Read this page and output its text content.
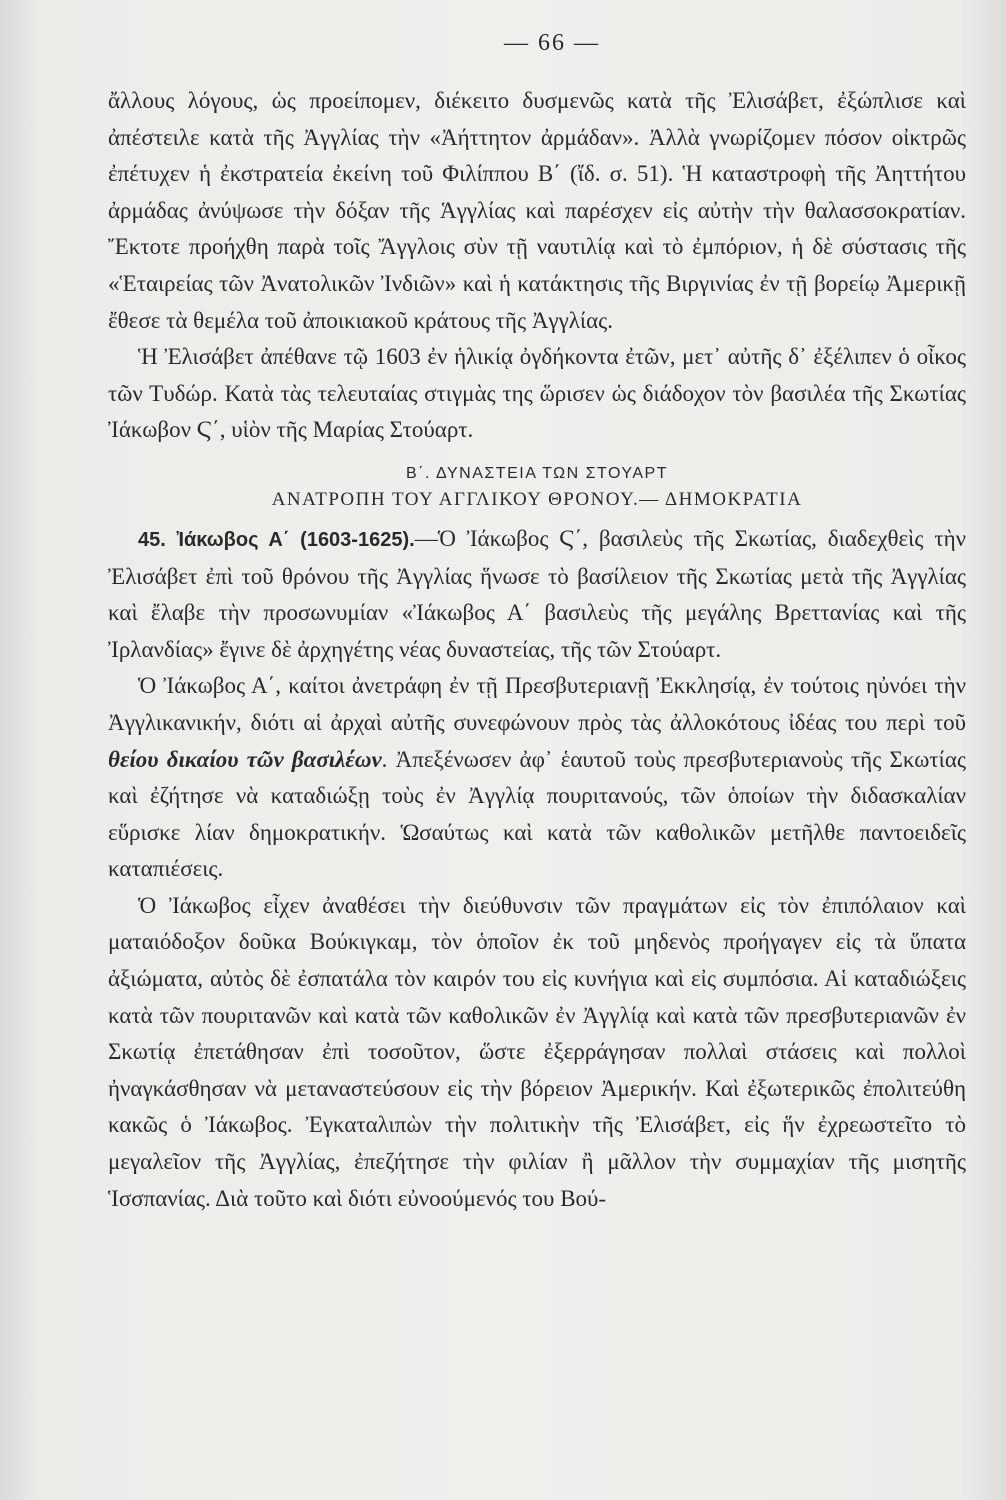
— 66 —

ἄλλους λόγους, ὡς προείπομεν, διέκειτο δυσμενῶς κατὰ τῆς Ἐλισάβετ, ἐξώπλισε καὶ ἀπέστειλε κατὰ τῆς Ἀγγλίας τὴν «Ἀήττητον ἀρμάδαν». Ἀλλὰ γνωρίζομεν πόσον οἰκτρῶς ἐπέτυχεν ἡ ἐκστρατεία ἐκείνη τοῦ Φιλίππου Β΄ (ἴδ. σ. 51). Ἡ καταστροφὴ τῆς Ἀηττήτου ἀρμάδας ἀνύψωσε τὴν δόξαν τῆς Ἁγγλίας καὶ παρέσχεν εἰς αὐτὴν τὴν θαλασσοκρατίαν. Ἔκτοτε προήχθη παρὰ τοῖς Ἄγγλοις σὺν τῇ ναυτιλίᾳ καὶ τὸ ἐμπόριον, ἡ δὲ σύστασις τῆς «Ἑταιρείας τῶν Ἀνατολικῶν Ἰνδιῶν» καὶ ἡ κατάκτησις τῆς Βιργινίας ἐν τῇ βορείῳ Ἀμερικῇ ἔθεσε τὰ θεμέλα τοῦ ἀποικιακοῦ κράτους τῆς Ἀγγλίας.

Ἡ Ἐλισάβετ ἀπέθανε τῷ 1603 ἐν ἡλικίᾳ ὀγδήκοντα ἐτῶν, μετ᾽ αὐτῆς δ᾽ ἐξέλιπεν ὁ οἶκος τῶν Τυδώρ. Κατὰ τὰς τελευταίας στιγμὰς της ὥρισεν ὡς διάδοχον τὸν βασιλέα τῆς Σκωτίας Ἰάκωβον Ϛ΄, υἱὸν τῆς Μαρίας Στούαρτ.

Β΄. ΔΥΝΑΣΤΕΙΑ ΤΩΝ ΣΤΟΥΑΡΤ
ΑΝΑΤΡΟΠΗ ΤΟΥ ΑΓΓΛΙΚΟΥ ΘΡΟΝΟΥ.— ΔΗΜΟΚΡΑΤΙΑ

45. Ἰάκωβος Α΄ (1603-1625).—Ὁ Ἰάκωβος Ϛ΄, βασιλεὺς τῆς Σκωτίας, διαδεχθεὶς τὴν Ἐλισάβετ ἐπὶ τοῦ θρόνου τῆς Ἀγγλίας ἥνωσε τὸ βασίλειον τῆς Σκωτίας μετὰ τῆς Ἀγγλίας καὶ ἔλαβε τὴν προσωνυμίαν «Ἰάκωβος Α΄ βασιλεὺς τῆς μεγάλης Βρεττανίας καὶ τῆς Ἰρλανδίας» ἔγινε δὲ ἀρχηγέτης νέας δυναστείας, τῆς τῶν Στούαρτ.

Ὁ Ἰάκωβος Α΄, καίτοι ἀνετράφη ἐν τῇ Πρεσβυτεριανῇ Ἐκκλησίᾳ, ἐν τούτοις ηὐνόει τὴν Ἀγγλικανικήν, διότι αἱ ἀρχαὶ αὐτῆς συνεφώνουν πρὸς τὰς ἀλλοκότους ἰδέας του περὶ τοῦ θείου δικαίου τῶν βασιλέων. Ἀπεξένωσεν ἀφ᾽ ἑαυτοῦ τοὺς πρεσβυτεριανοὺς τῆς Σκωτίας καὶ ἐζήτησε νὰ καταδιώξῃ τοὺς ἐν Ἀγγλίᾳ πουριτανούς, τῶν ὁποίων τὴν διδασκαλίαν εὕρισκε λίαν δημοκρατικήν. Ὡσαύτως καὶ κατὰ τῶν καθολικῶν μετῆλθε παντοειδεῖς καταπιέσεις.

Ὁ Ἰάκωβος εἶχεν ἀναθέσει τὴν διεύθυνσιν τῶν πραγμάτων εἰς τὸν ἐπιπόλαιον καὶ ματαιόδοξον δοῦκα Βούκιγκαμ, τὸν ὁποῖον ἐκ τοῦ μηδενὸς προήγαγεν εἰς τὰ ὕπατα ἀξιώματα, αὐτὸς δὲ ἐσπατάλα τὸν καιρόν του εἰς κυνήγια καὶ εἰς συμπόσια. Αἱ καταδιώξεις κατὰ τῶν πουριτανῶν καὶ κατὰ τῶν καθολικῶν ἐν Ἀγγλίᾳ καὶ κατὰ τῶν πρεσβυτεριανῶν ἐν Σκωτίᾳ ἐπετάθησαν ἐπὶ τοσοῦτον, ὥστε ἐξερράγησαν πολλαὶ στάσεις καὶ πολλοὶ ἠναγκάσθησαν νὰ μεταναστεύσουν εἰς τὴν βόρειον Ἀμερικήν. Καὶ ἐξωτερικῶς ἐπολιτεύθη κακῶς ὁ Ἰάκωβος. Ἐγκαταλιπὼν τὴν πολιτικὴν τῆς Ἐλισάβετ, εἰς ἥν ἐχρεωστεῖτο τὸ μεγαλεῖον τῆς Ἀγγλίας, ἐπεζήτησε τὴν φιλίαν ἢ μᾶλλον τὴν συμμαχίαν τῆς μισητῆς Ἱσσπανίας. Διὰ τοῦτο καὶ διότι εὐνοούμενός του Βού-
